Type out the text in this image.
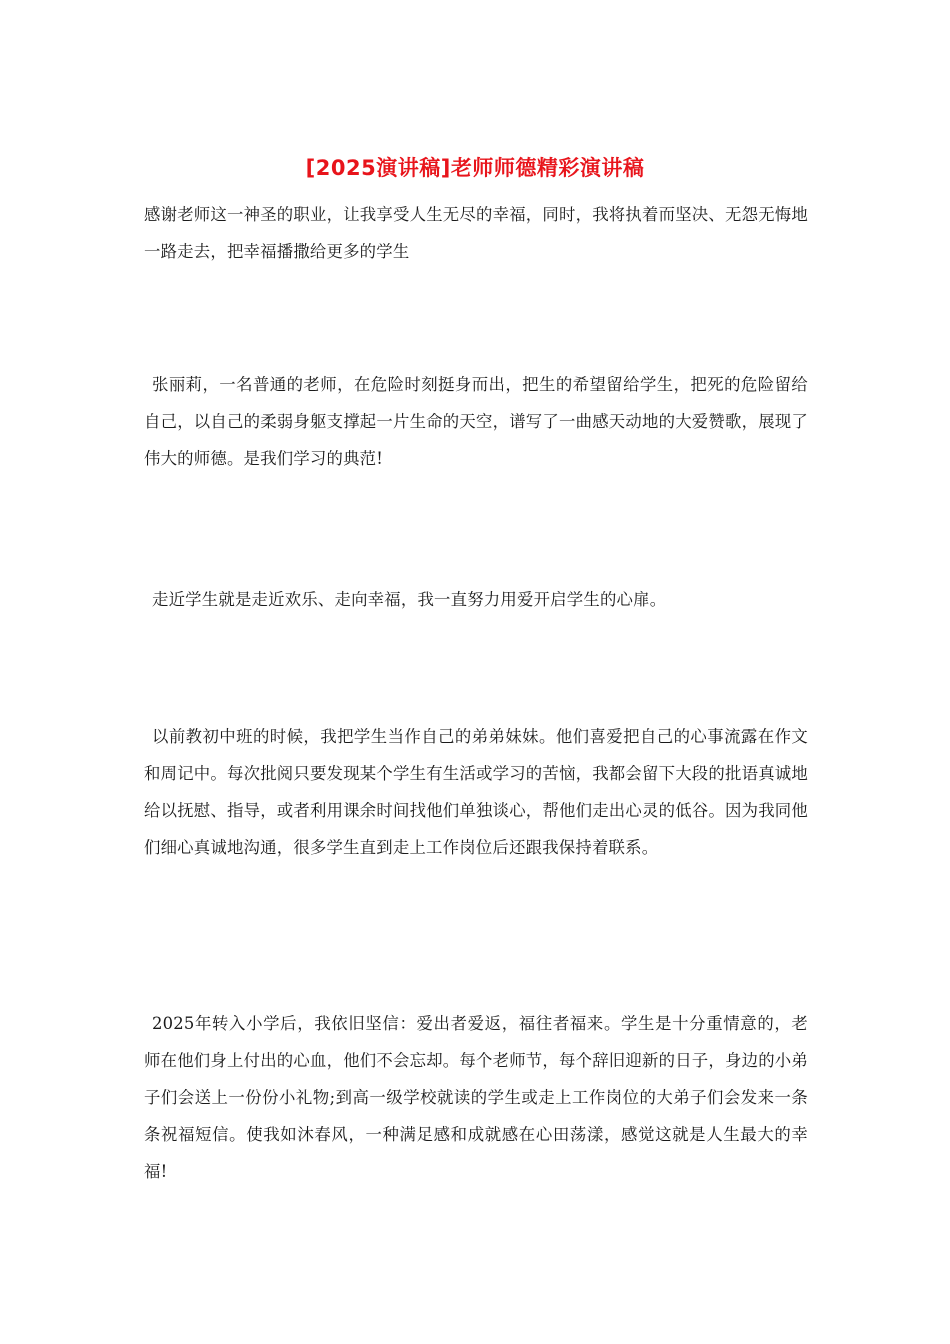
[2025演讲稿]老师师德精彩演讲稿
感谢老师这一神圣的职业，让我享受人生无尽的幸福，同时，我将执着而坚决、无怨无悔地一路走去，把幸福播撒给更多的学生
张丽莉，一名普通的老师，在危险时刻挺身而出，把生的希望留给学生，把死的危险留给自己，以自己的柔弱身躯支撑起一片生命的天空，谱写了一曲感天动地的大爱赞歌，展现了伟大的师德。是我们学习的典范!
走近学生就是走近欢乐、走向幸福，我一直努力用爱开启学生的心扉。
以前教初中班的时候，我把学生当作自己的弟弟妹妹。他们喜爱把自己的心事流露在作文和周记中。每次批阅只要发现某个学生有生活或学习的苦恼，我都会留下大段的批语真诚地给以抚慰、指导，或者利用课余时间找他们单独谈心，帮他们走出心灵的低谷。因为我同他们细心真诚地沟通，很多学生直到走上工作岗位后还跟我保持着联系。
2025年转入小学后，我依旧坚信：爱出者爱返，福往者福来。学生是十分重情意的，老师在他们身上付出的心血，他们不会忘却。每个老师节，每个辞旧迎新的日子，身边的小弟子们会送上一份份小礼物;到高一级学校就读的学生或走上工作岗位的大弟子们会发来一条条祝福短信。使我如沐春风，一种满足感和成就感在心田荡漾，感觉这就是人生最大的幸福!
